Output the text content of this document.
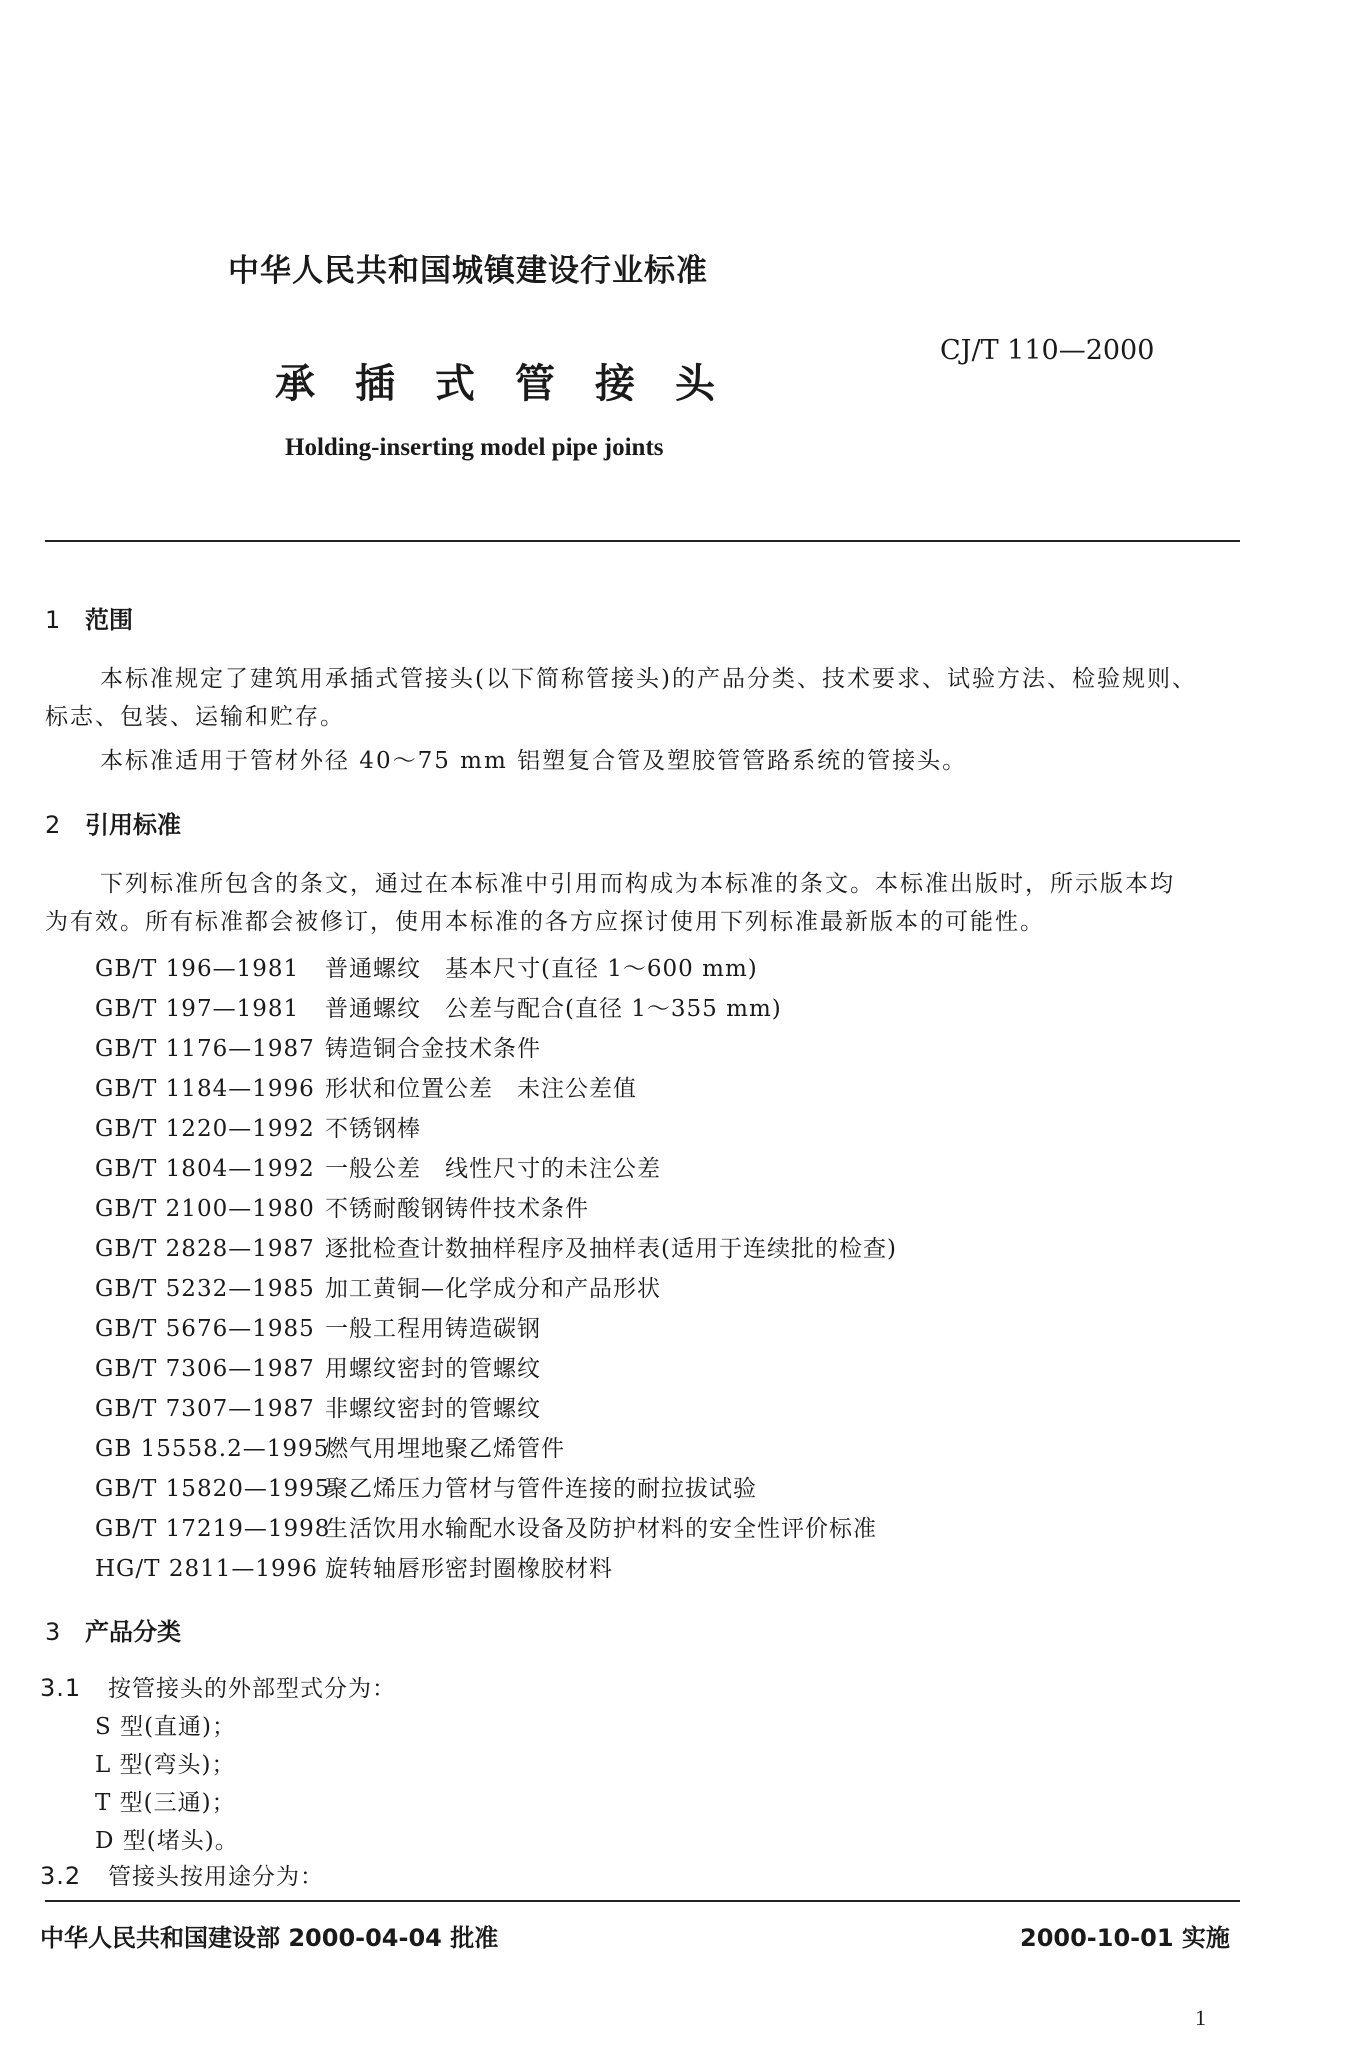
中华人民共和国城镇建设行业标准
CJ/T 110—2000
承插式管接头
Holding-inserting model pipe joints
1 范围
本标准规定了建筑用承插式管接头(以下简称管接头)的产品分类、技术要求、试验方法、检验规则、
标志、包装、运输和贮存。
本标准适用于管材外径 40～75 mm 铝塑复合管及塑胶管管路系统的管接头。
2 引用标准
下列标准所包含的条文，通过在本标准中引用而构成为本标准的条文。本标准出版时，所示版本均
为有效。所有标准都会被修订，使用本标准的各方应探讨使用下列标准最新版本的可能性。
GB/T 196—1981 普通螺纹　基本尺寸(直径 1～600 mm)
GB/T 197—1981 普通螺纹　公差与配合(直径 1～355 mm)
GB/T 1176—1987 铸造铜合金技术条件
GB/T 1184—1996 形状和位置公差　未注公差值
GB/T 1220—1992 不锈钢棒
GB/T 1804—1992 一般公差　线性尺寸的未注公差
GB/T 2100—1980 不锈耐酸钢铸件技术条件
GB/T 2828—1987 逐批检查计数抽样程序及抽样表(适用于连续批的检查)
GB/T 5232—1985 加工黄铜—化学成分和产品形状
GB/T 5676—1985 一般工程用铸造碳钢
GB/T 7306—1987 用螺纹密封的管螺纹
GB/T 7307—1987 非螺纹密封的管螺纹
GB 15558.2—1995燃气用埋地聚乙烯管件
GB/T 15820—1995聚乙烯压力管材与管件连接的耐拉拔试验
GB/T 17219—1998生活饮用水输配水设备及防护材料的安全性评价标准
HG/T 2811—1996 旋转轴唇形密封圈橡胶材料
3 产品分类
3.1 按管接头的外部型式分为：
S 型(直通)；
L 型(弯头)；
T 型(三通)；
D 型(堵头)。
3.2 管接头按用途分为：
中华人民共和国建设部 2000-04-04 批准	2000-10-01 实施
1
